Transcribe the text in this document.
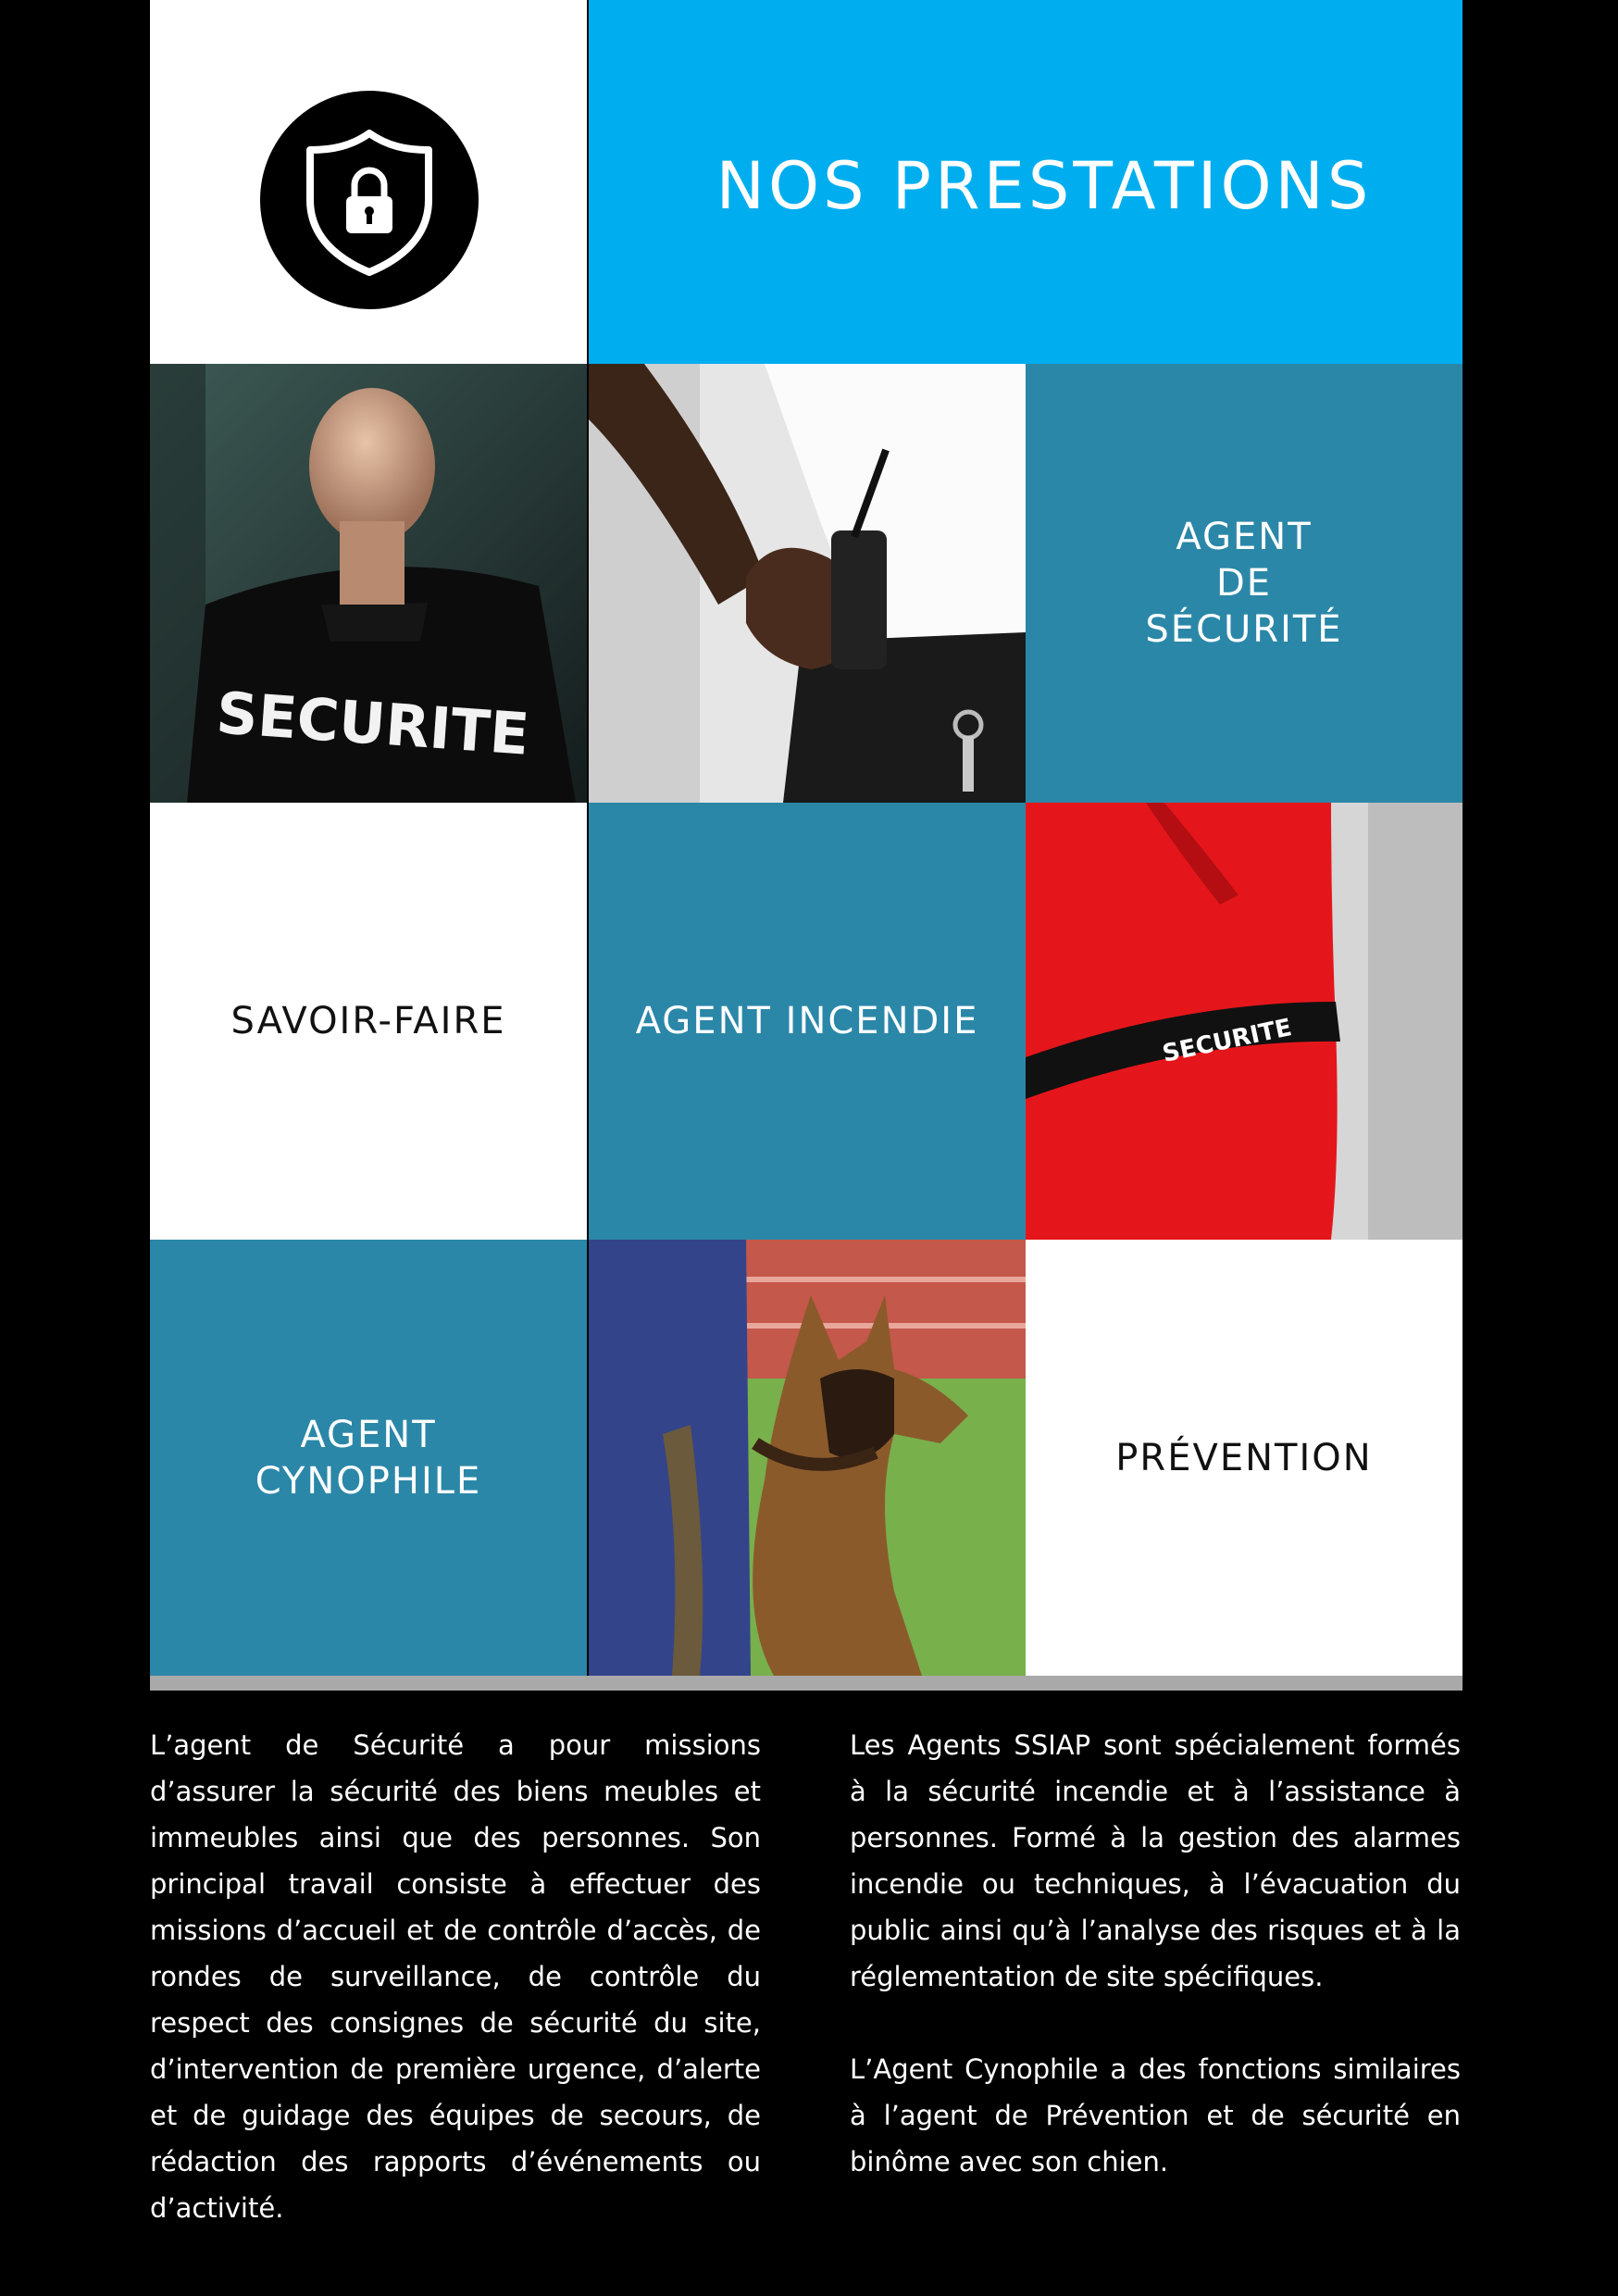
NOS PRESTATIONS
SECURITE
AGENT
DE
SÉCURITÉ
SAVOIR-FAIRE	AGENT INCENDIE	SECURITE
AGENT
CYNOPHILE
PRÉVENTION

L’agent de Sécurité a pour missions d’assurer la sécurité des biens meubles et immeubles ainsi que des personnes. Son principal travail consiste à effectuer des missions d’accueil et de contrôle d’accès, de rondes de surveillance, de contrôle du respect des consignes de sécurité du site, d’intervention de première urgence, d’alerte et de guidage des équipes de secours, de rédaction des rapports d’événements ou d’activité.

Les Agents SSIAP sont spécialement formés à la sécurité incendie et à l’assistance à personnes. Formé à la gestion des alarmes incendie ou techniques, à l’évacuation du public ainsi qu’à l’analyse des risques et à la réglementation de site spécifiques.

L’Agent Cynophile a des fonctions similaires à l’agent de Prévention et de sécurité en binôme avec son chien.
